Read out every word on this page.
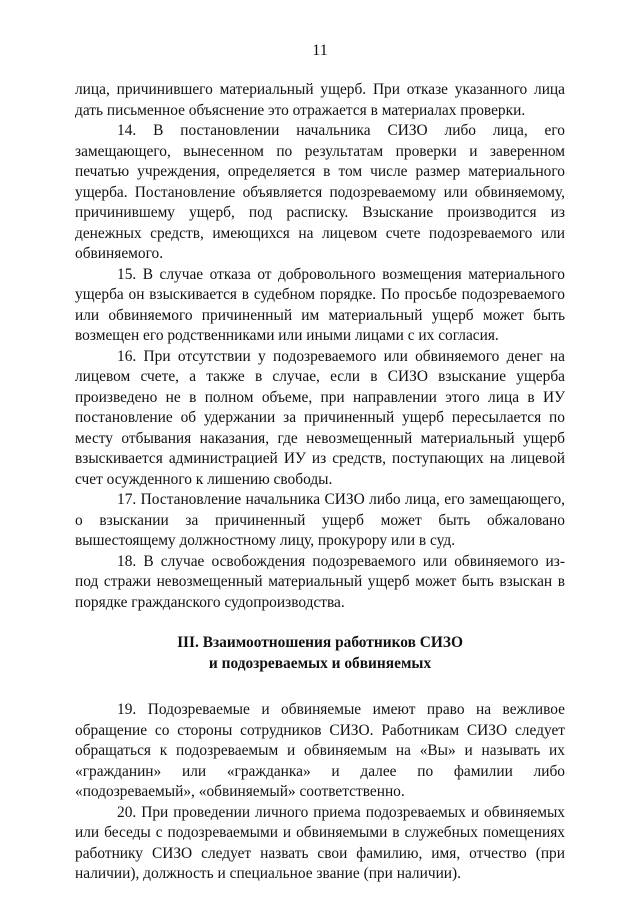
11

лица, причинившего материальный ущерб. При отказе указанного лица дать письменное объяснение это отражается в материалах проверки.

14. В постановлении начальника СИЗО либо лица, его замещающего, вынесенном по результатам проверки и заверенном печатью учреждения, определяется в том числе размер материального ущерба. Постановление объявляется подозреваемому или обвиняемому, причинившему ущерб, под расписку. Взыскание производится из денежных средств, имеющихся на лицевом счете подозреваемого или обвиняемого.

15. В случае отказа от добровольного возмещения материального ущерба он взыскивается в судебном порядке. По просьбе подозреваемого или обвиняемого причиненный им материальный ущерб может быть возмещен его родственниками или иными лицами с их согласия.

16. При отсутствии у подозреваемого или обвиняемого денег на лицевом счете, а также в случае, если в СИЗО взыскание ущерба произведено не в полном объеме, при направлении этого лица в ИУ постановление об удержании за причиненный ущерб пересылается по месту отбывания наказания, где невозмещенный материальный ущерб взыскивается администрацией ИУ из средств, поступающих на лицевой счет осужденного к лишению свободы.

17. Постановление начальника СИЗО либо лица, его замещающего, о взыскании за причиненный ущерб может быть обжаловано вышестоящему должностному лицу, прокурору или в суд.

18. В случае освобождения подозреваемого или обвиняемого из-под стражи невозмещенный материальный ущерб может быть взыскан в порядке гражданского судопроизводства.

III. Взаимоотношения работников СИЗО
и подозреваемых и обвиняемых

19. Подозреваемые и обвиняемые имеют право на вежливое обращение со стороны сотрудников СИЗО. Работникам СИЗО следует обращаться к подозреваемым и обвиняемым на «Вы» и называть их «гражданин» или «гражданка» и далее по фамилии либо «подозреваемый», «обвиняемый» соответственно.

20. При проведении личного приема подозреваемых и обвиняемых или беседы с подозреваемыми и обвиняемыми в служебных помещениях работнику СИЗО следует назвать свои фамилию, имя, отчество (при наличии), должность и специальное звание (при наличии).
